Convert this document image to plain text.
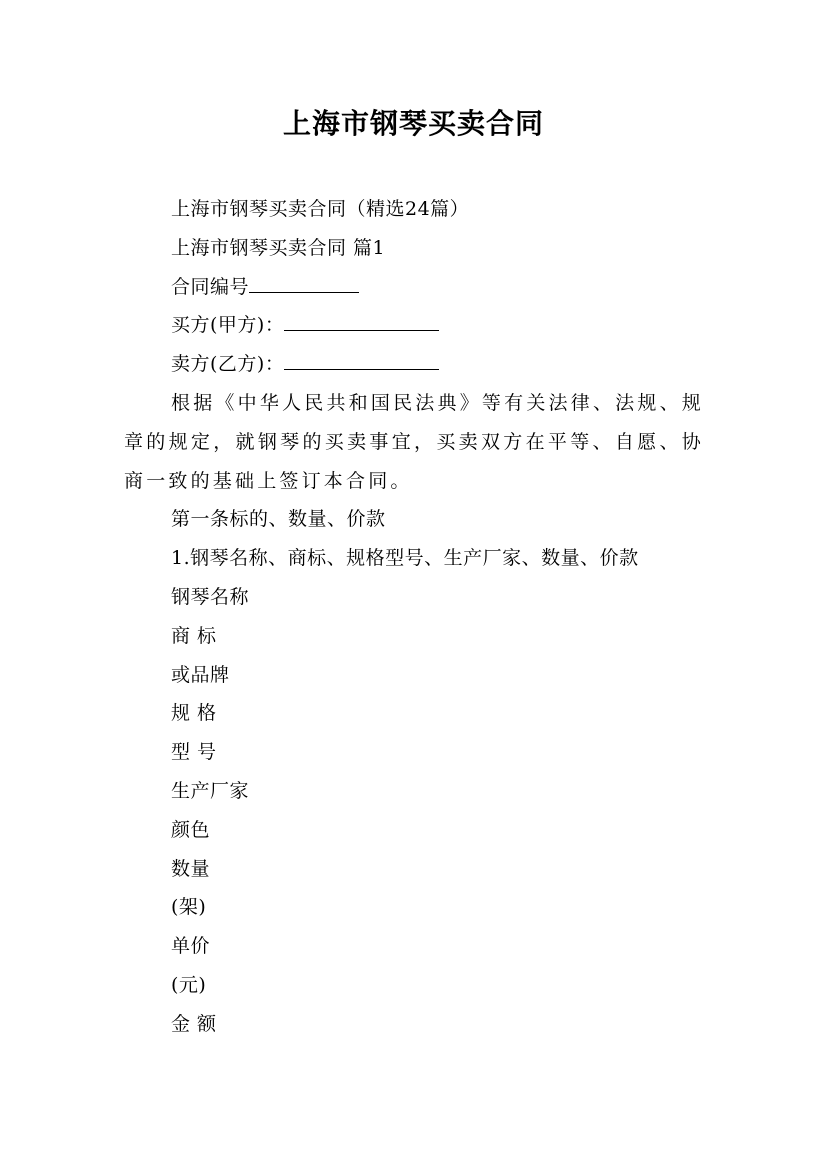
上海市钢琴买卖合同

上海市钢琴买卖合同（精选24篇）

上海市钢琴买卖合同 篇1

合同编号

买方(甲方)：

卖方(乙方)：

根据《中华人民共和国民法典》等有关法律、法规、规章的规定，就钢琴的买卖事宜，买卖双方在平等、自愿、协商一致的基础上签订本合同。

第一条标的、数量、价款

1.钢琴名称、商标、规格型号、生产厂家、数量、价款

钢琴名称

商 标

或品牌

规 格

型 号

生产厂家

颜色

数量

(架)

单价

(元)

金 额
